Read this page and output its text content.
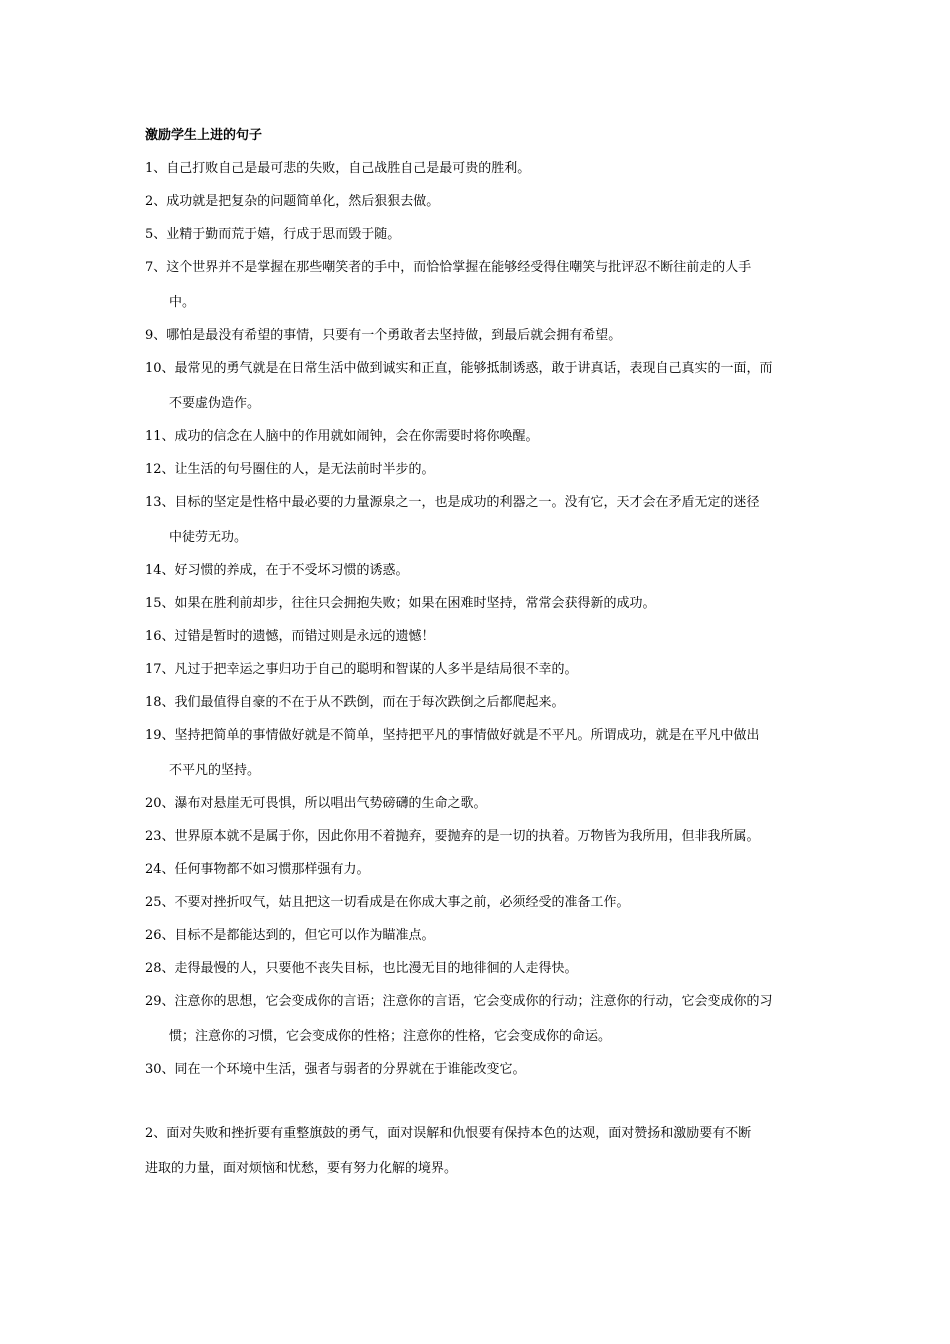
激励学生上进的句子
1、自己打败自己是最可悲的失败，自己战胜自己是最可贵的胜利。
2、成功就是把复杂的问题简单化，然后狠狠去做。
5、业精于勤而荒于嬉，行成于思而毁于随。
7、这个世界并不是掌握在那些嘲笑者的手中，而恰恰掌握在能够经受得住嘲笑与批评忍不断往前走的人手
中。
9、哪怕是最没有希望的事情，只要有一个勇敢者去坚持做，到最后就会拥有希望。
10、最常见的勇气就是在日常生活中做到诚实和正直，能够抵制诱惑，敢于讲真话，表现自己真实的一面，而
不要虚伪造作。
11、成功的信念在人脑中的作用就如闹钟，会在你需要时将你唤醒。
12、让生活的句号圈住的人，是无法前时半步的。
13、目标的坚定是性格中最必要的力量源泉之一，也是成功的利器之一。没有它，天才会在矛盾无定的迷径
中徒劳无功。
14、好习惯的养成，在于不受坏习惯的诱惑。
15、如果在胜利前却步，往往只会拥抱失败；如果在困难时坚持，常常会获得新的成功。
16、过错是暂时的遗憾，而错过则是永远的遗憾！
17、凡过于把幸运之事归功于自己的聪明和智谋的人多半是结局很不幸的。
18、我们最值得自豪的不在于从不跌倒，而在于每次跌倒之后都爬起来。
19、坚持把简单的事情做好就是不简单，坚持把平凡的事情做好就是不平凡。所谓成功，就是在平凡中做出
不平凡的坚持。
20、瀑布对悬崖无可畏惧，所以唱出气势磅礴的生命之歌。
23、世界原本就不是属于你，因此你用不着抛弃，要抛弃的是一切的执着。万物皆为我所用，但非我所属。
24、任何事物都不如习惯那样强有力。
25、不要对挫折叹气，姑且把这一切看成是在你成大事之前，必须经受的准备工作。
26、目标不是都能达到的，但它可以作为瞄准点。
28、走得最慢的人，只要他不丧失目标，也比漫无目的地徘徊的人走得快。
29、注意你的思想，它会变成你的言语；注意你的言语，它会变成你的行动；注意你的行动，它会变成你的习
惯；注意你的习惯，它会变成你的性格；注意你的性格，它会变成你的命运。
30、同在一个环境中生活，强者与弱者的分界就在于谁能改变它。
2、面对失败和挫折要有重整旗鼓的勇气，面对误解和仇恨要有保持本色的达观，面对赞扬和激励要有不断
进取的力量，面对烦恼和忧愁，要有努力化解的境界。
